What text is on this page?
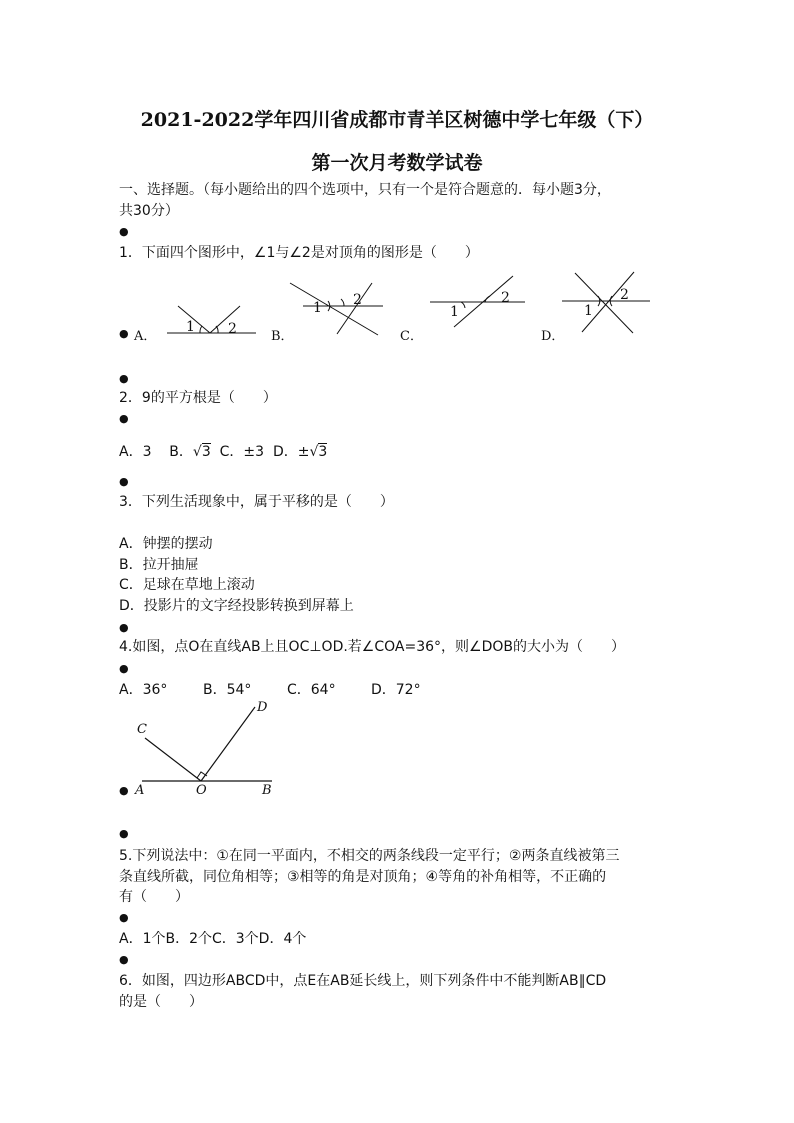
2021-2022学年四川省成都市青羊区树德中学七年级（下）
第一次月考数学试卷
一、选择题。（每小题给出的四个选项中，只有一个是符合题意的．每小题3分，
共30分）
●
1．下面四个图形中，∠1与∠2是对顶角的图形是（　　）
● A．	B．	C．	D．
1 2
1 2
1
2
1
2
A	O	B
C
D
●
2．9的平方根是（　　）
●
A．3 B．√3 C．±3 D．±√3
●
3．下列生活现象中，属于平移的是（　　）
A．钟摆的摆动
B．拉开抽屉
C．足球在草地上滚动
D．投影片的文字经投影转换到屏幕上
●
4.如图，点O在直线AB上且OC⊥OD.若∠COA=36°，则∠DOB的大小为（　　）
●
A．36°	B．54°	C．64°	D．72°
●
●
5.下列说法中：①在同一平面内，不相交的两条线段一定平行；②两条直线被第三
条直线所截，同位角相等；③相等的角是对顶角；④等角的补角相等，不正确的
有（　　）
●
A．1个B．2个C．3个D．4个
●
6．如图，四边形ABCD中，点E在AB延长线上，则下列条件中不能判断AB∥CD
的是（　　）
